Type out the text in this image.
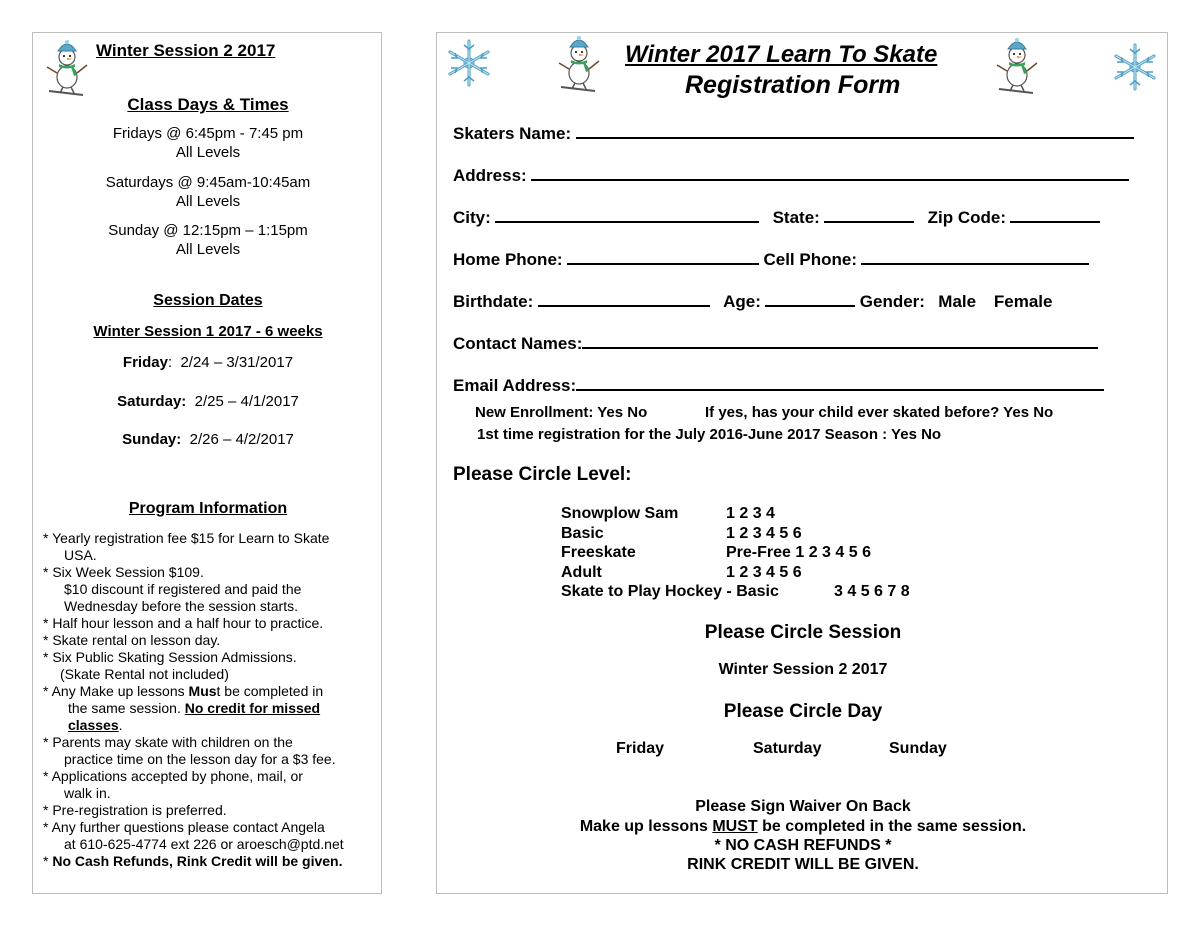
Winter Session 2 2017
Class Days & Times
Fridays @ 6:45pm - 7:45 pm
All Levels
Saturdays @ 9:45am-10:45am
All Levels
Sunday @ 12:15pm – 1:15pm
All Levels
Session Dates
Winter Session 1 2017 - 6 weeks
Friday: 2/24 – 3/31/2017
Saturday: 2/25 – 4/1/2017
Sunday: 2/26 – 4/2/2017
Program Information
* Yearly registration fee $15 for Learn to Skate
USA.
* Six Week Session $109.
$10 discount if registered and paid the
Wednesday before the session starts.
* Half hour lesson and a half hour to practice.
* Skate rental on lesson day.
* Six Public Skating Session Admissions.
(Skate Rental not included)
* Any Make up lessons Must be completed in
the same session. No credit for missed
classes.
* Parents may skate with children on the
practice time on the lesson day for a $3 fee.
* Applications accepted by phone, mail, or
walk in.
* Pre-registration is preferred.
* Any further questions please contact Angela
at 610-625-4774 ext 226 or aroesch@ptd.net
* No Cash Refunds, Rink Credit will be given.
Winter 2017 Learn To Skate
Registration Form
Skaters Name:
Address:
City:	State:	Zip Code:
Home Phone:	Cell Phone:
Birthdate:	Age:	Gender: Male Female
Contact Names:
Email Address:
New Enrollment: Yes No	If yes, has your child ever skated before? Yes No
1st time registration for the July 2016-June 2017 Season : Yes No
Please Circle Level:
Snowplow Sam	1 2 3 4
Basic	1 2 3 4 5 6
Freeskate	Pre-Free 1 2 3 4 5 6
Adult	1 2 3 4 5 6
Skate to Play Hockey - Basic	3 4 5 6 7 8
Please Circle Session
Winter Session 2 2017
Please Circle Day
Friday	Saturday	Sunday
Please Sign Waiver On Back
Make up lessons MUST be completed in the same session.
* NO CASH REFUNDS *
RINK CREDIT WILL BE GIVEN.
